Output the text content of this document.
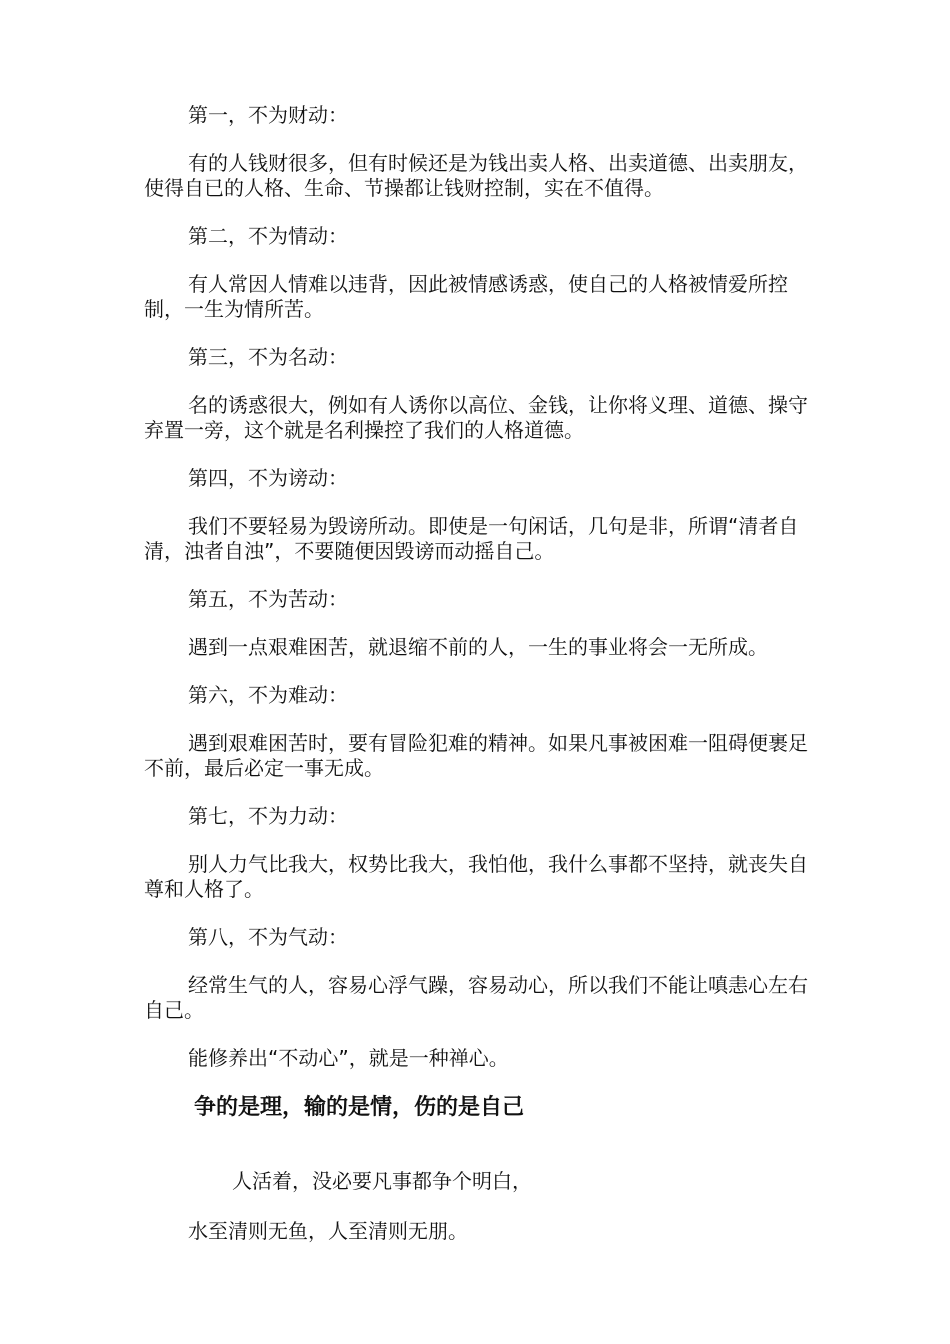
第一，不为财动：

有的人钱财很多，但有时候还是为钱出卖人格、出卖道德、出卖朋友，使得自已的人格、生命、节操都让钱财控制，实在不值得。

第二，不为情动：

有人常因人情难以违背，因此被情感诱惑，使自己的人格被情爱所控制，一生为情所苦。

第三，不为名动：

名的诱惑很大，例如有人诱你以高位、金钱，让你将义理、道德、操守弃置一旁，这个就是名利操控了我们的人格道德。

第四，不为谤动：

我们不要轻易为毁谤所动。即使是一句闲话，几句是非，所谓“清者自清，浊者自浊”，不要随便因毁谤而动摇自己。

第五，不为苦动：

遇到一点艰难困苦，就退缩不前的人，一生的事业将会一无所成。

第六，不为难动：

遇到艰难困苦时，要有冒险犯难的精神。如果凡事被困难一阻碍便裹足不前，最后必定一事无成。

第七，不为力动：

别人力气比我大，权势比我大，我怕他，我什么事都不坚持，就丧失自尊和人格了。

第八，不为气动：

经常生气的人，容易心浮气躁，容易动心，所以我们不能让嗔恚心左右自己。

能修养出“不动心”，就是一种禅心。

争的是理，输的是情，伤的是自己

人活着，没必要凡事都争个明白，

水至清则无鱼，人至清则无朋。
